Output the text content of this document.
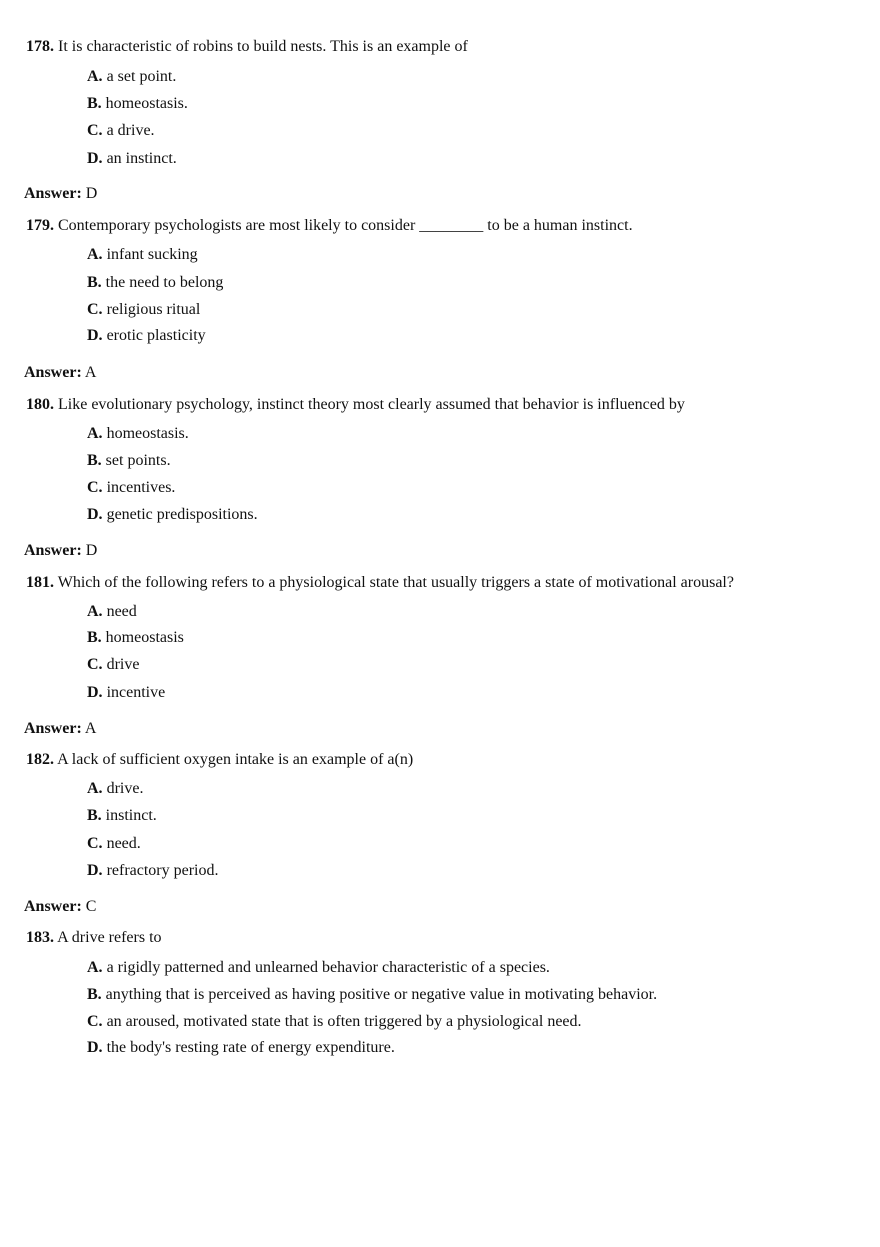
178. It is characteristic of robins to build nests. This is an example of
A. a set point.
B. homeostasis.
C. a drive.
D. an instinct.
Answer: D
179. Contemporary psychologists are most likely to consider ________ to be a human instinct.
A. infant sucking
B. the need to belong
C. religious ritual
D. erotic plasticity
Answer: A
180. Like evolutionary psychology, instinct theory most clearly assumed that behavior is influenced by
A. homeostasis.
B. set points.
C. incentives.
D. genetic predispositions.
Answer: D
181. Which of the following refers to a physiological state that usually triggers a state of motivational arousal?
A. need
B. homeostasis
C. drive
D. incentive
Answer: A
182. A lack of sufficient oxygen intake is an example of a(n)
A. drive.
B. instinct.
C. need.
D. refractory period.
Answer: C
183. A drive refers to
A. a rigidly patterned and unlearned behavior characteristic of a species.
B. anything that is perceived as having positive or negative value in motivating behavior.
C. an aroused, motivated state that is often triggered by a physiological need.
D. the body's resting rate of energy expenditure.
